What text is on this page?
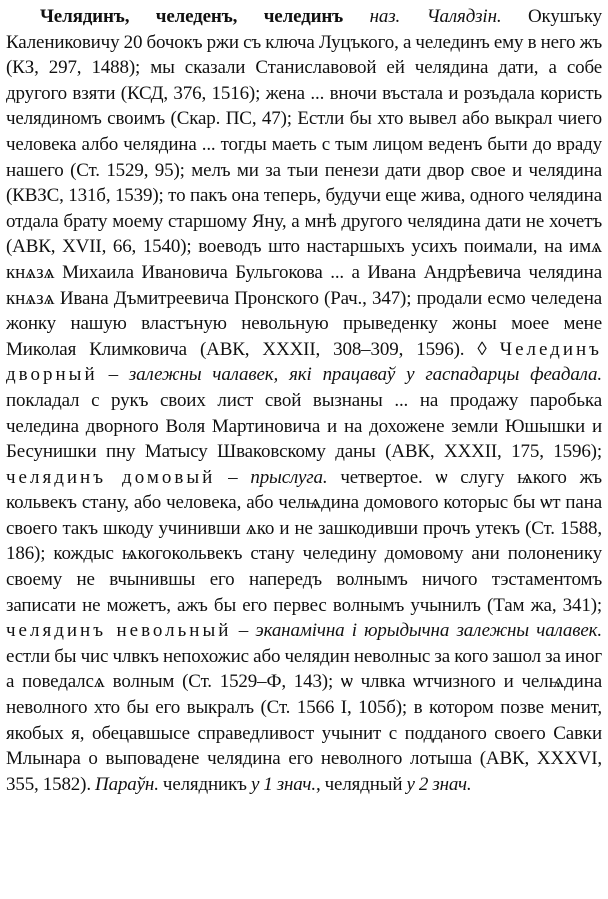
Челядинъ, челеденъ, челединъ наз. Чалядзін. Окушъку Калениковичу 20 бочокъ ржи съ ключа Луцъкого, а челединъ ему в него жъ (КЗ, 297, 1488); мы сказали Станиславовой ей челядина дати, а собе другого взяти (КСД, 376, 1516); жена ... вночи въстала и розъдала користь челядиномъ своимъ (Скар. ПС, 47); Естли бы хто вывел або выкрал чиего человека албо челядина ... тогды маеть с тым лицом веденъ быти до вpаду нашего (Ст. 1529, 95); мелъ ми за тыи пенези дати двор свое и челядина (КВЗС, 131б, 1539); то пакъ она теперь, будучи еще жива, одного челядина отдала брату моему старшому Яну, а мнѣ другого челядина дати не хочетъ (АВК, XVII, 66, 1540); воеводъ што настаршыхъ усихъ поимали, на имѧ кнѧзѧ Михаила Ивановича Бульгокова ... а Ивана Андрѣевича челядина кнѧзѧ Ивана Дъмитреевича Пронского (Рач., 347); продали есмо челедена жонку нашую властъную невольную прыведенку жоны моее мене Миколая Климковича (АВК, XXXII, 308–309, 1596). ◊ Челединъ дворный – залежны чалавек, які працаваў у гаспадарцы феадала. покладал с рукъ своих лист свой вызнаны ... на продажу паробька челедина дворного Воля Мартиновича и на дохожене земли Юшышки и Бесунишки пну Матысу Шваковскому даны (АВК, XXXII, 175, 1596); челядинъ домовый – прыслуга. четвертое. ѡ слугу ѩкого жъ кольвекъ стану, або человека, або челѩдина домового которыс бы ѡт пана своего такъ шкоду учинивши ѧко и не зашкодивши прочъ утекъ (Ст. 1588, 186); кождыс ѩкогокольвекъ стану челедину домовому ани полоненику своему не вчынившы его напередъ волнымъ ничого тэстаментомъ записати не можетъ, ажъ бы его первес волнымъ учынилъ (Там жа, 341); челядинъ невольный – эканамічна і юрыдычна залежны чалавек. естли бы чис члвкъ непохожис або челядин неволныс за кого зашол за иног а поведалсѧ волным (Ст. 1529–Ф, 143); ѡ члвка ѡтчизного и челѩдина неволного хто бы его выкралъ (Ст. 1566 I, 105б); в котором позве менит, якобых я, обецавшысе справедливост учынит с подданого своего Савки Млынара о выповадене челядина его неволного лотыша (АВК, XXXVI, 355, 1582). Параўн. челядникъ у 1 знач., челядный у 2 знач.
